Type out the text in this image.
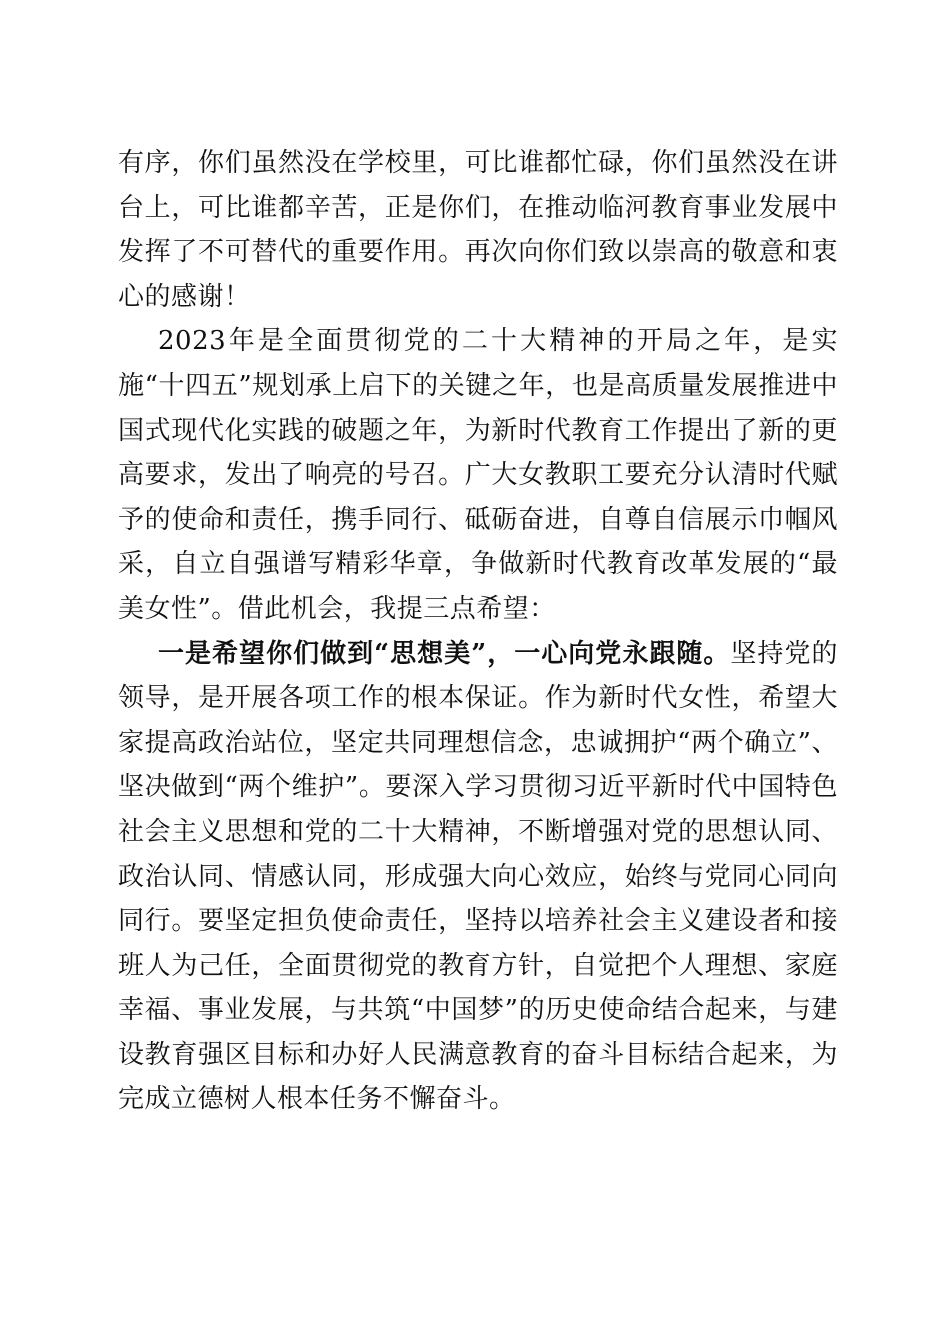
有序，你们虽然没在学校里，可比谁都忙碌，你们虽然没在讲台上，可比谁都辛苦，正是你们，在推动临河教育事业发展中发挥了不可替代的重要作用。再次向你们致以崇高的敬意和衷心的感谢！

2023年是全面贯彻党的二十大精神的开局之年，是实施“十四五”规划承上启下的关键之年，也是高质量发展推进中国式现代化实践的破题之年，为新时代教育工作提出了新的更高要求，发出了响亮的号召。广大女教职工要充分认清时代赋予的使命和责任，携手同行、砥砺奋进，自尊自信展示巾帼风采，自立自强谱写精彩华章，争做新时代教育改革发展的“最美女性”。借此机会，我提三点希望：

一是希望你们做到“思想美”，一心向党永跟随。坚持党的领导，是开展各项工作的根本保证。作为新时代女性，希望大家提高政治站位，坚定共同理想信念，忠诚拥护“两个确立”、坚决做到“两个维护”。要深入学习贯彻习近平新时代中国特色社会主义思想和党的二十大精神，不断增强对党的思想认同、政治认同、情感认同，形成强大向心效应，始终与党同心同向同行。要坚定担负使命责任，坚持以培养社会主义建设者和接班人为己任，全面贯彻党的教育方针，自觉把个人理想、家庭幸福、事业发展，与共筑“中国梦”的历史使命结合起来，与建设教育强区目标和办好人民满意教育的奋斗目标结合起来，为完成立德树人根本任务不懈奋斗。
